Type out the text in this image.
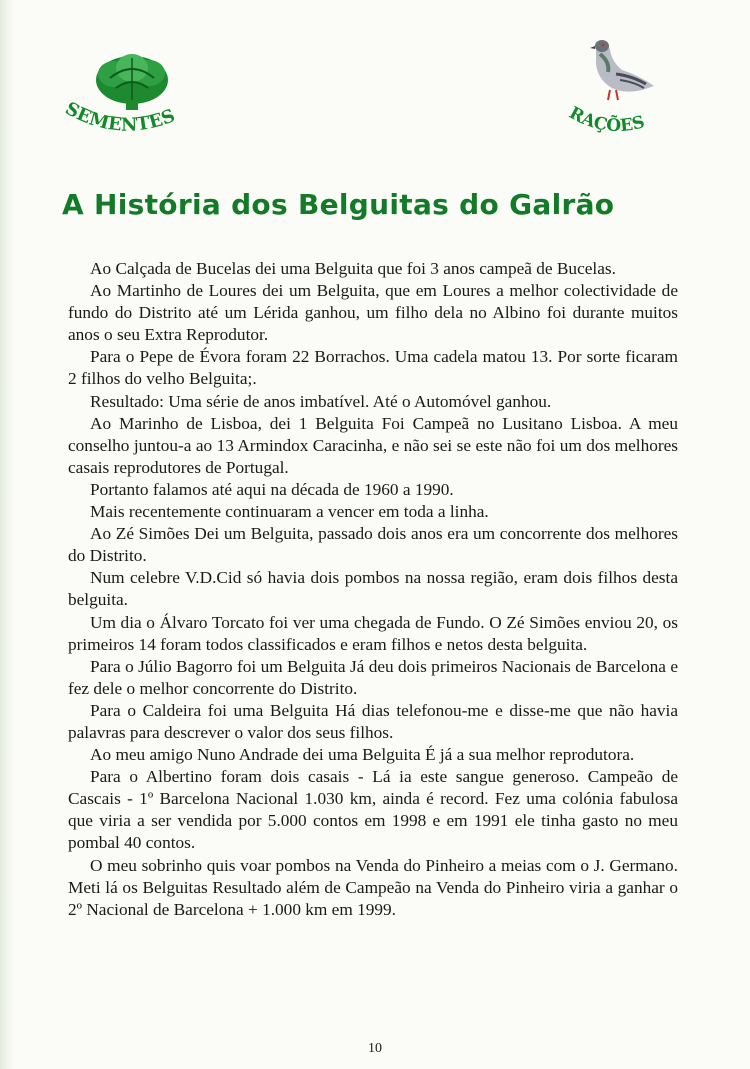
SEMENTES	RAÇÕES
A História dos Belguitas do Galrão

Ao Calçada de Bucelas dei uma Belguita que foi 3 anos campeã de Bucelas.

Ao Martinho de Loures dei um Belguita, que em Loures a melhor colectividade de fundo do Distrito até um Lérida ganhou, um filho dela no Albino foi durante muitos anos o seu Extra Reprodutor.

Para o Pepe de Évora foram 22 Borrachos. Uma cadela matou 13. Por sorte ficaram 2 filhos do velho Belguita;.

Resultado: Uma série de anos imbatível. Até o Automóvel ganhou.

Ao Marinho de Lisboa, dei 1 Belguita Foi Campeã no Lusitano Lisboa. A meu conselho juntou-a ao 13 Armindox Caracinha, e não sei se este não foi um dos melhores casais reprodutores de Portugal.

Portanto falamos até aqui na década de 1960 a 1990.

Mais recentemente continuaram a vencer em toda a linha.

Ao Zé Simões Dei um Belguita, passado dois anos era um concorrente dos melhores do Distrito.

Num celebre V.D.Cid só havia dois pombos na nossa região, eram dois filhos desta belguita.

Um dia o Álvaro Torcato foi ver uma chegada de Fundo. O Zé Simões enviou 20, os primeiros 14 foram todos classificados e eram filhos e netos desta belguita.

Para o Júlio Bagorro foi um Belguita Já deu dois primeiros Nacionais de Barcelona e fez dele o melhor concorrente do Distrito.

Para o Caldeira foi uma Belguita Há dias telefonou-me e disse-me que não havia palavras para descrever o valor dos seus filhos.

Ao meu amigo Nuno Andrade dei uma Belguita É já a sua melhor reprodutora.

Para o Albertino foram dois casais - Lá ia este sangue generoso. Campeão de Cascais - 1º Barcelona Nacional 1.030 km, ainda é record. Fez uma colónia fabulosa que viria a ser vendida por 5.000 contos em 1998 e em 1991 ele tinha gasto no meu pombal 40 contos.

O meu sobrinho quis voar pombos na Venda do Pinheiro a meias com o J. Germano. Meti lá os Belguitas Resultado além de Campeão na Venda do Pinheiro viria a ganhar o 2º Nacional de Barcelona + 1.000 km em 1999.

10
